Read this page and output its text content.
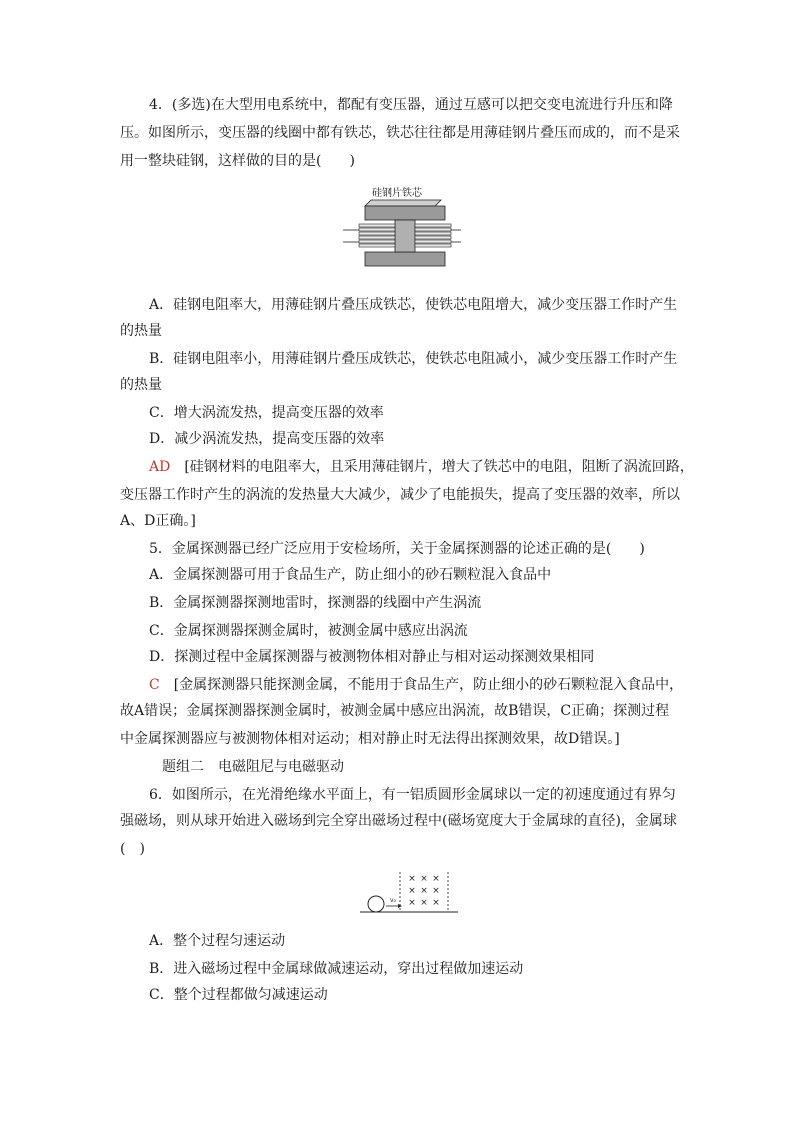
4．(多选)在大型用电系统中，都配有变压器，通过互感可以把交变电流进行升压和降
压。如图所示，变压器的线圈中都有铁芯，铁芯往往都是用薄硅钢片叠压而成的，而不是采
用一整块硅钢，这样做的目的是(　　)
硅钢片铁芯
A．硅钢电阻率大，用薄硅钢片叠压成铁芯，使铁芯电阻增大，减少变压器工作时产生
的热量
B．硅钢电阻率小，用薄硅钢片叠压成铁芯，使铁芯电阻减小，减少变压器工作时产生
的热量
C．增大涡流发热，提高变压器的效率
D．减少涡流发热，提高变压器的效率
AD　[硅钢材料的电阻率大，且采用薄硅钢片，增大了铁芯中的电阻，阻断了涡流回路，
变压器工作时产生的涡流的发热量大大减少，减少了电能损失，提高了变压器的效率，所以
A、D正确。]
5．金属探测器已经广泛应用于安检场所，关于金属探测器的论述正确的是(　　)
A．金属探测器可用于食品生产，防止细小的砂石颗粒混入食品中
B．金属探测器探测地雷时，探测器的线圈中产生涡流
C．金属探测器探测金属时，被测金属中感应出涡流
D．探测过程中金属探测器与被测物体相对静止与相对运动探测效果相同
C　[金属探测器只能探测金属，不能用于食品生产，防止细小的砂石颗粒混入食品中，
故A错误；金属探测器探测金属时，被测金属中感应出涡流，故B错误，C正确；探测过程
中金属探测器应与被测物体相对运动；相对静止时无法得出探测效果，故D错误。]
题组二　电磁阻尼与电磁驱动
6．如图所示，在光滑绝缘水平面上，有一铝质圆形金属球以一定的初速度通过有界匀
强磁场，则从球开始进入磁场到完全穿出磁场过程中(磁场宽度大于金属球的直径)，金属球
(　)
× × ×
× × ×
× × ×
v₀
A．整个过程匀速运动
B．进入磁场过程中金属球做减速运动，穿出过程做加速运动
C．整个过程都做匀减速运动
